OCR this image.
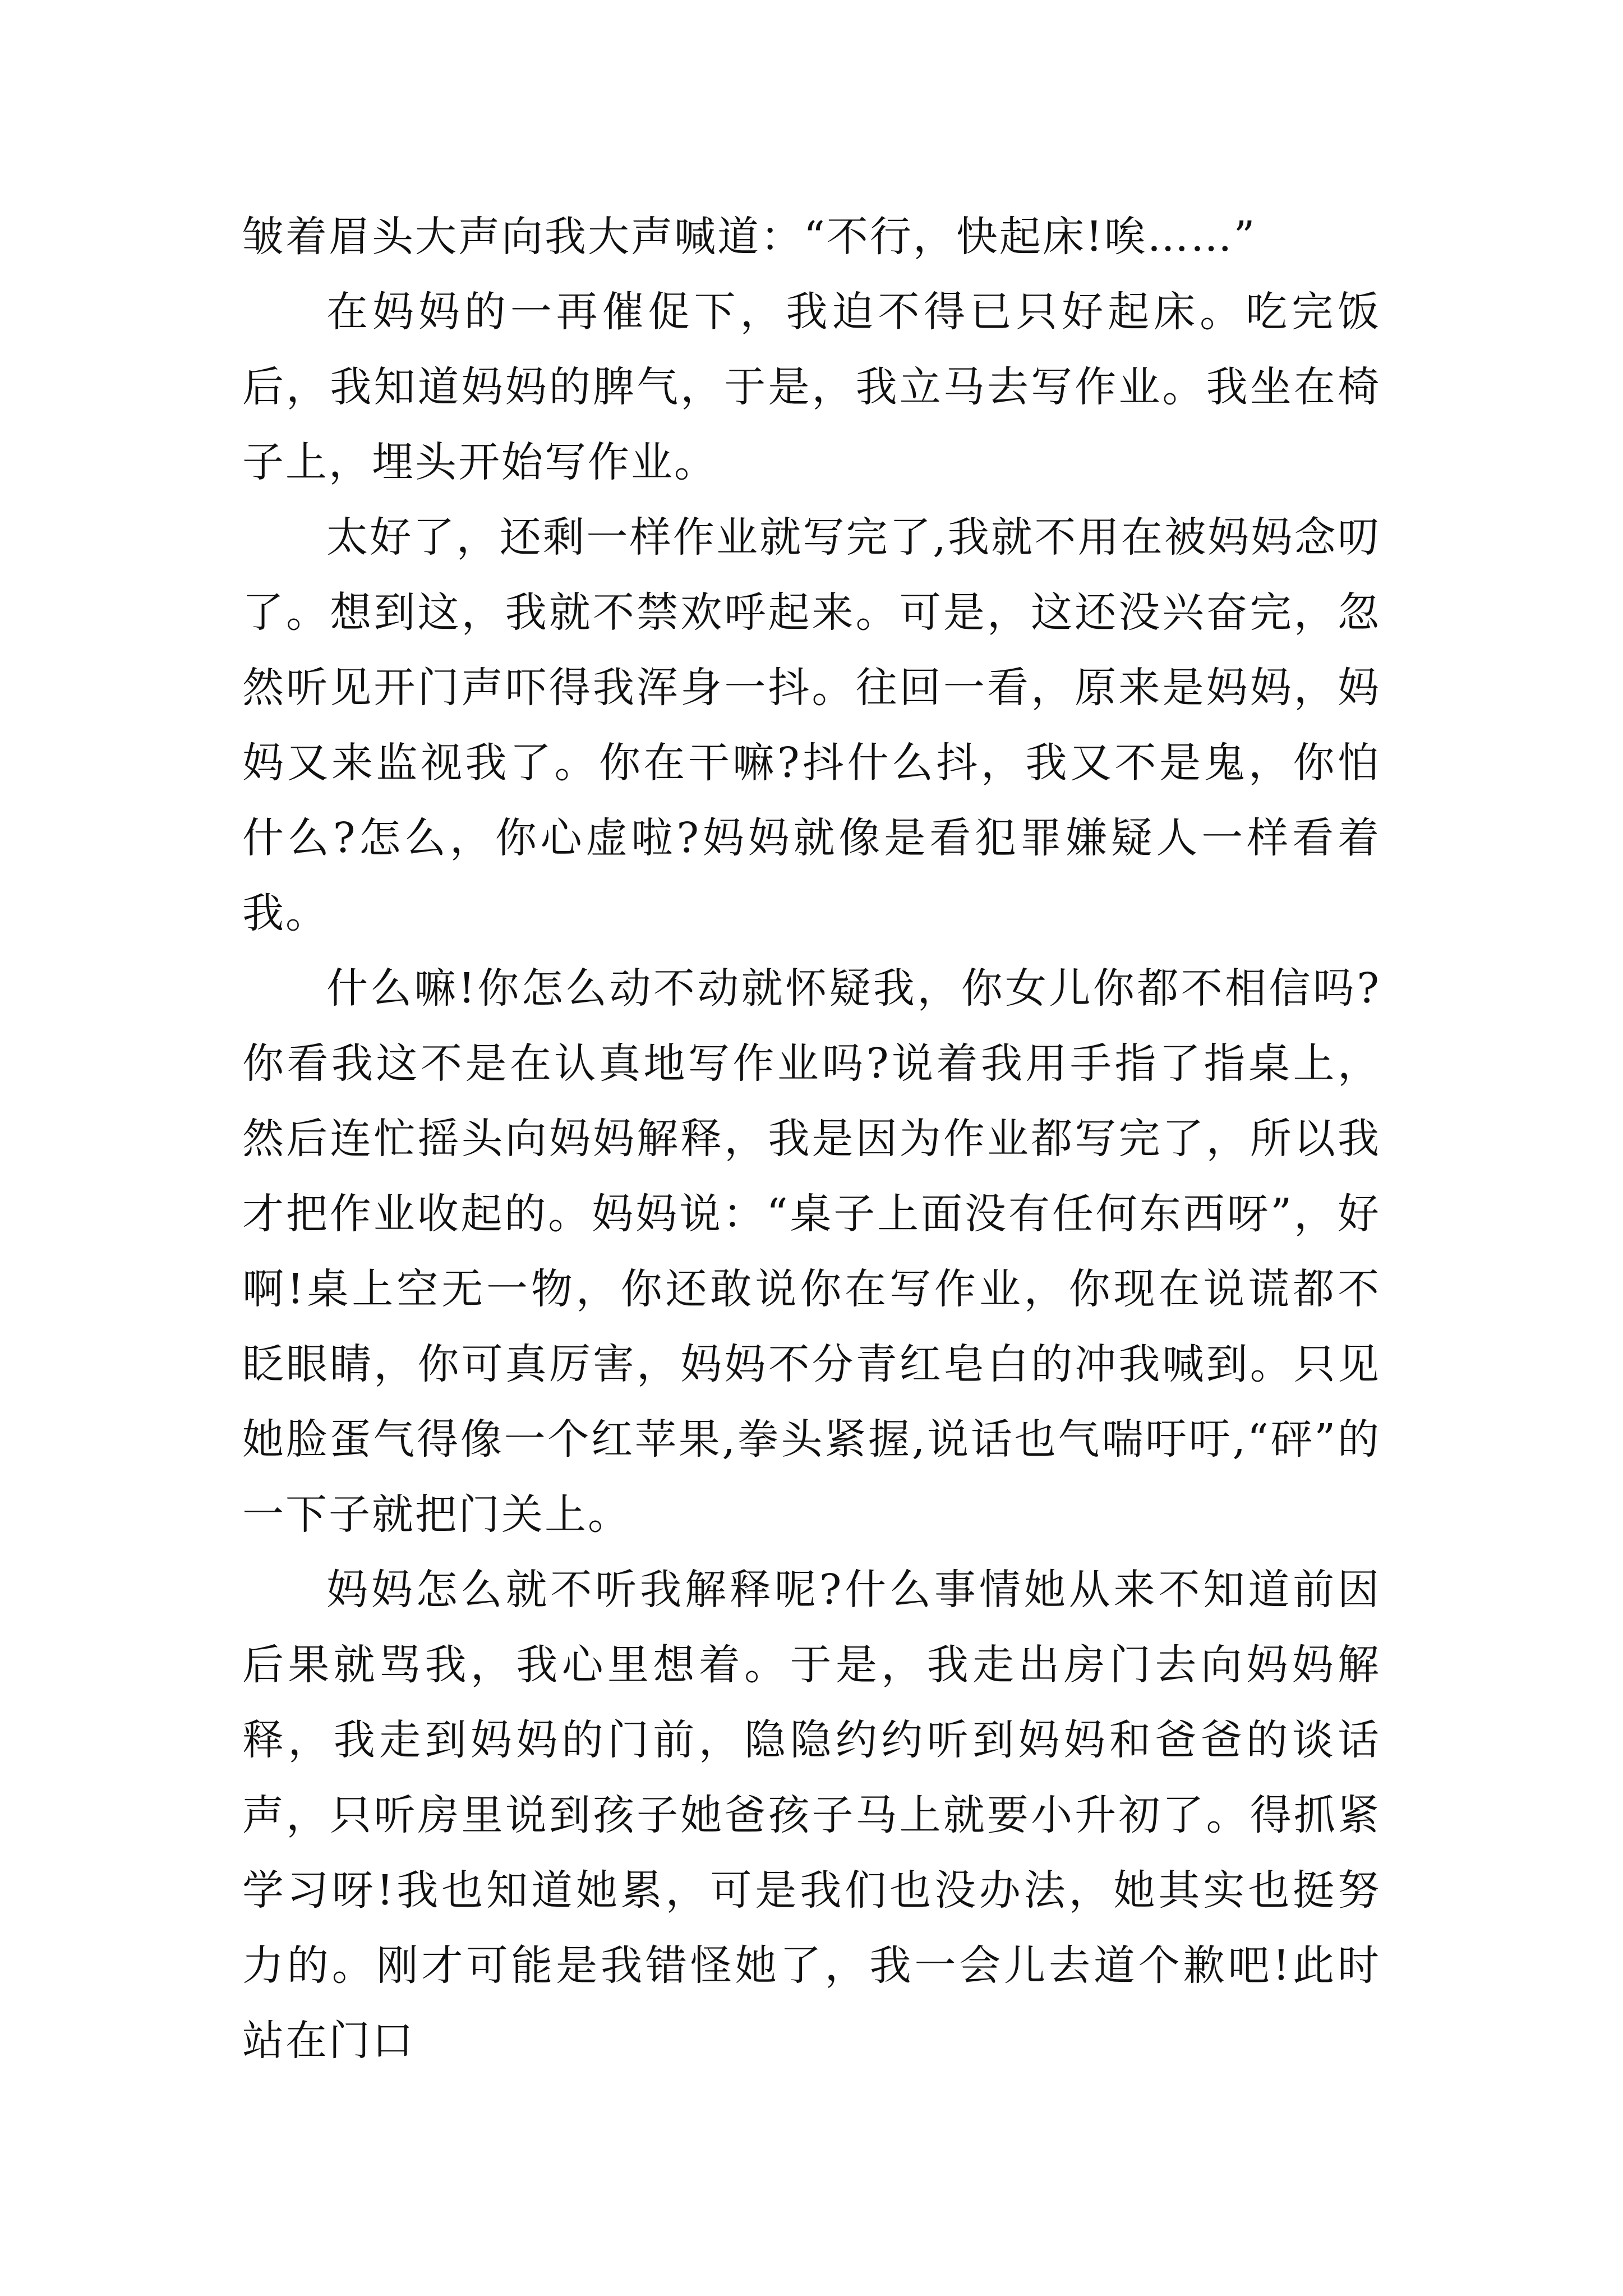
皱着眉头大声向我大声喊道：“不行，快起床!唉……”

在妈妈的一再催促下，我迫不得已只好起床。吃完饭后，我知道妈妈的脾气，于是，我立马去写作业。我坐在椅子上，埋头开始写作业。

太好了，还剩一样作业就写完了,我就不用在被妈妈念叨了。想到这，我就不禁欢呼起来。可是，这还没兴奋完，忽然听见开门声吓得我浑身一抖。往回一看，原来是妈妈，妈妈又来监视我了。你在干嘛?抖什么抖，我又不是鬼，你怕什么?怎么，你心虚啦?妈妈就像是看犯罪嫌疑人一样看着我。

什么嘛!你怎么动不动就怀疑我，你女儿你都不相信吗?你看我这不是在认真地写作业吗?说着我用手指了指桌上，然后连忙摇头向妈妈解释，我是因为作业都写完了，所以我才把作业收起的。妈妈说：“桌子上面没有任何东西呀”，好啊!桌上空无一物，你还敢说你在写作业，你现在说谎都不眨眼睛，你可真厉害，妈妈不分青红皂白的冲我喊到。只见她脸蛋气得像一个红苹果,拳头紧握,说话也气喘吁吁,“砰”的一下子就把门关上。

妈妈怎么就不听我解释呢?什么事情她从来不知道前因后果就骂我，我心里想着。于是，我走出房门去向妈妈解释，我走到妈妈的门前，隐隐约约听到妈妈和爸爸的谈话声，只听房里说到孩子她爸孩子马上就要小升初了。得抓紧学习呀!我也知道她累，可是我们也没办法，她其实也挺努力的。刚才可能是我错怪她了，我一会儿去道个歉吧!此时站在门口
